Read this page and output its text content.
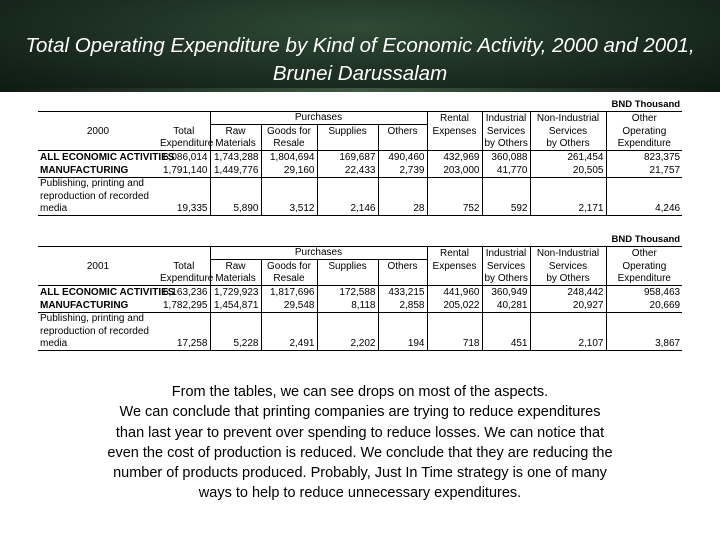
Total Operating Expenditure by Kind of Economic Activity, 2000 and 2001, Brunei Darussalam
BND Thousand									
		Purchases				Rental	Industrial	Non-Industrial	Other
2000	Total	Raw	Goods for	Supplies	Others	Expenses	Services	Services	Operating
	Expenditure	Materials	Resale				by Others	by Others	Expenditure
ALL ECONOMIC ACTIVITIES	6,086,014	1,743,288	1,804,694	169,687	490,460	432,969	360,088	261,454	823,375
MANUFACTURING	1,791,140	1,449,776	29,160	22,433	2,739	203,000	41,770	20,505	21,757
Publishing, printing and									
reproduction of recorded									
media	19,335	5,890	3,512	2,146	28	752	592	2,171	4,246
BND Thousand									
		Purchases				Rental	Industrial	Non-Industrial	Other
2001	Total	Raw	Goods for	Supplies	Others	Expenses	Services	Services	Operating
	Expenditure	Materials	Resale				by Others	by Others	Expenditure
ALL ECONOMIC ACTIVITIES	6,163,236	1,729,923	1,817,696	172,588	433,215	441,960	360,949	248,442	958,463
MANUFACTURING	1,782,295	1,454,871	29,548	8,118	2,858	205,022	40,281	20,927	20,669
Publishing, printing and									
reproduction of recorded									
media	17,258	5,228	2,491	2,202	194	718	451	2,107	3,867
From the tables, we can see drops on most of the aspects.
We can conclude that printing companies are trying to reduce expenditures
than last year to prevent over spending to reduce losses. We can notice that
even the cost of production is reduced. We conclude that they are reducing the
number of products produced. Probably, Just In Time strategy is one of many
ways to help to reduce unnecessary expenditures.
